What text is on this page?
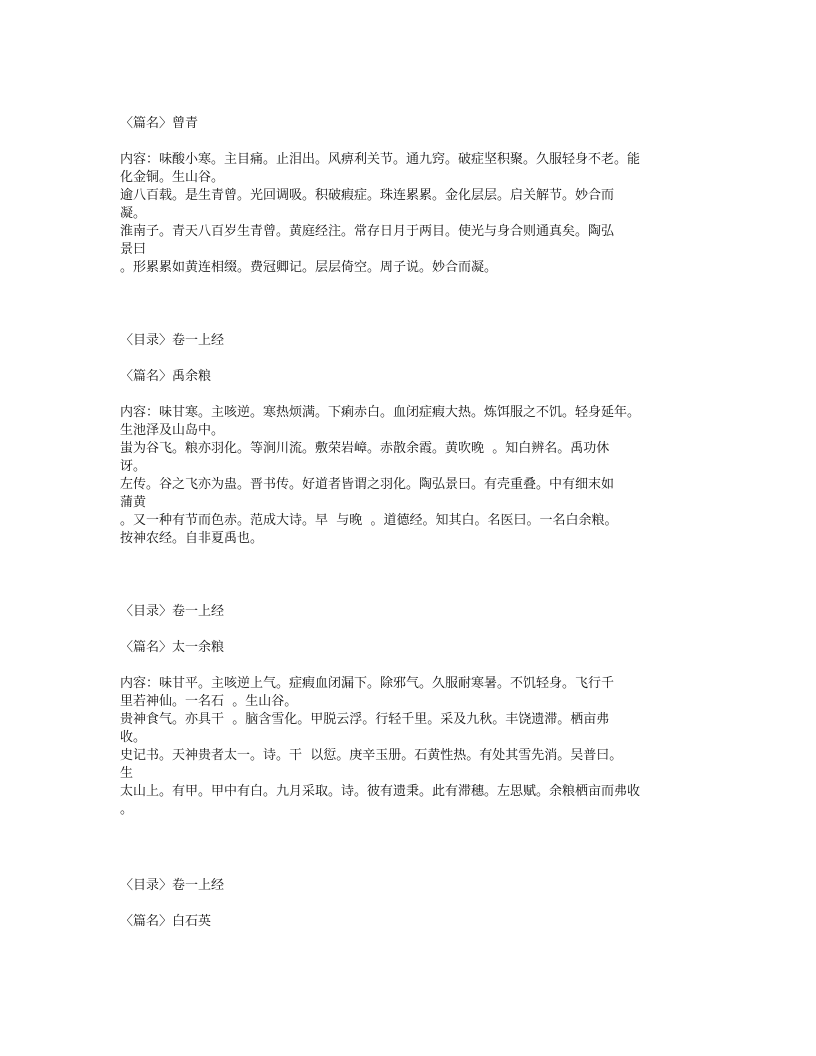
〈篇名〉曾青
内容：味酸小寒。主目痛。止泪出。风痹利关节。通九窍。破症坚积聚。久服轻身不老。能
化金铜。生山谷。
逾八百载。是生青曾。光回调吸。积破瘕症。珠连累累。金化层层。启关解节。妙合而
凝。
淮南子。青天八百岁生青曾。黄庭经注。常存日月于两目。使光与身合则通真矣。陶弘
景曰
。形累累如黄连相缀。费冠卿记。层层倚空。周子说。妙合而凝。
〈目录〉卷一上经
〈篇名〉禹余粮
内容：味甘寒。主咳逆。寒热烦满。下痢赤白。血闭症瘕大热。炼饵服之不饥。轻身延年。
生池泽及山岛中。
蚩为谷飞。粮亦羽化。等涧川流。敷荣岩嶂。赤散余霞。黄吹晚  。知白辨名。禹功休
讶。
左传。谷之飞亦为蛊。晋书传。好道者皆谓之羽化。陶弘景曰。有壳重叠。中有细末如
蒲黄
。又一种有节而色赤。范成大诗。早  与晚  。道德经。知其白。名医曰。一名白余粮。
按神农经。自非夏禹也。
〈目录〉卷一上经
〈篇名〉太一余粮
内容：味甘平。主咳逆上气。症瘕血闭漏下。除邪气。久服耐寒暑。不饥轻身。飞行千
里若神仙。一名石  。生山谷。
贵神食气。亦具干  。脑含雪化。甲脱云浮。行轻千里。采及九秋。丰饶遗滞。栖亩弗
收。
史记书。天神贵者太一。诗。干  以愆。庚辛玉册。石黄性热。有处其雪先消。吴普曰。
生
太山上。有甲。甲中有白。九月采取。诗。彼有遗秉。此有滞穗。左思赋。余粮栖亩而弗收
。
〈目录〉卷一上经
〈篇名〉白石英
